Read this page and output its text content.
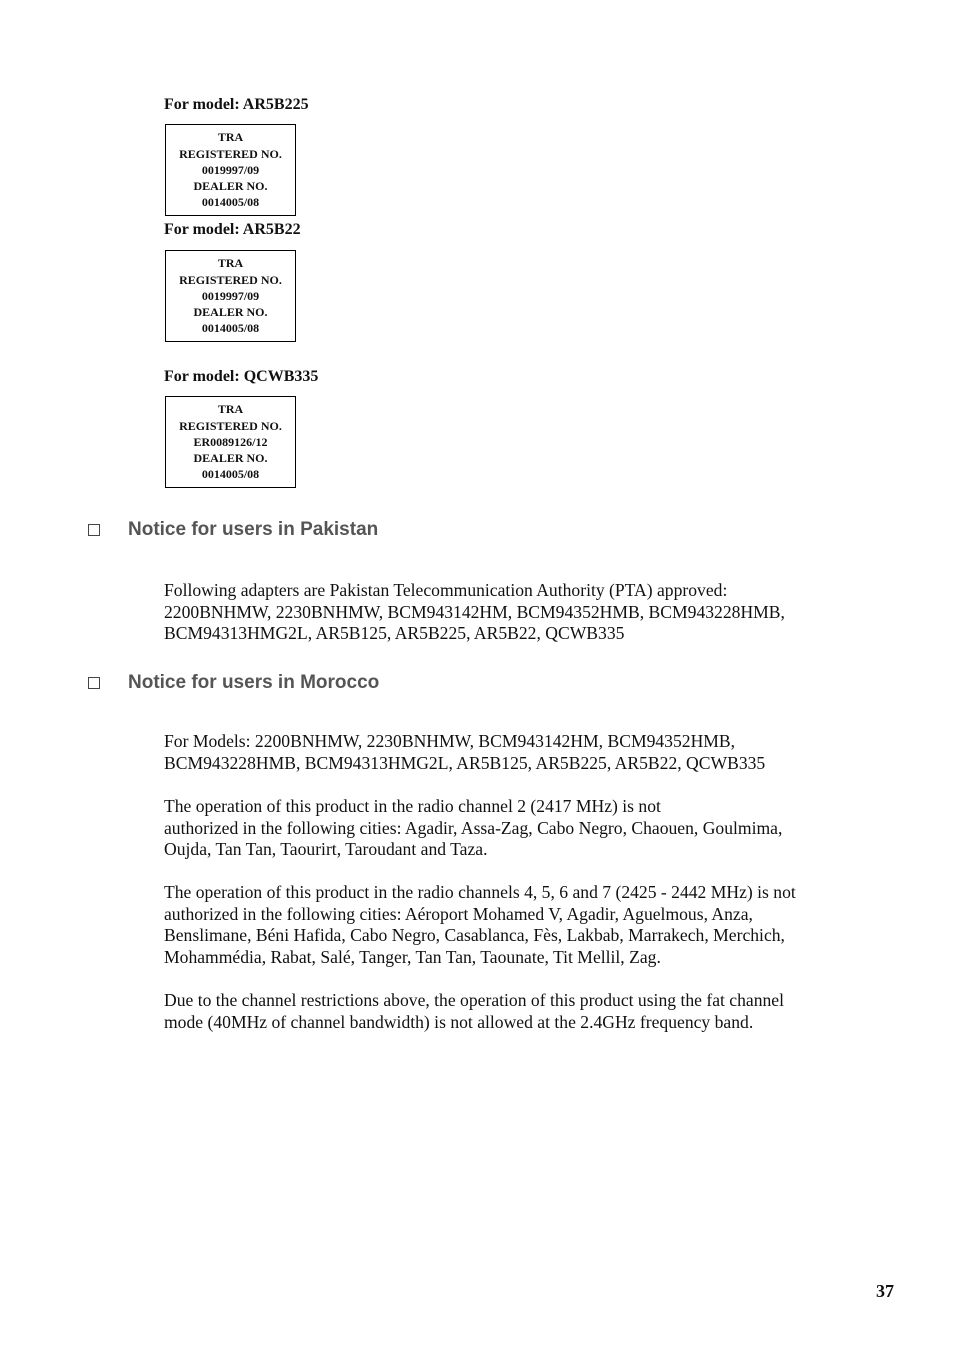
For model: AR5B225
TRA
REGISTERED NO.
0019997/09
DEALER NO.
0014005/08
For model: AR5B22
TRA
REGISTERED NO.
0019997/09
DEALER NO.
0014005/08
For model: QCWB335
TRA
REGISTERED NO.
ER0089126/12
DEALER NO.
0014005/08
Notice for users in Pakistan
Following adapters are Pakistan Telecommunication Authority (PTA) approved:
2200BNHMW, 2230BNHMW, BCM943142HM, BCM94352HMB, BCM943228HMB,
BCM94313HMG2L, AR5B125, AR5B225, AR5B22, QCWB335
Notice for users in Morocco
For Models: 2200BNHMW, 2230BNHMW, BCM943142HM, BCM94352HMB,
BCM943228HMB, BCM94313HMG2L, AR5B125, AR5B225, AR5B22, QCWB335
The operation of this product in the radio channel 2 (2417 MHz) is not
authorized in the following cities: Agadir, Assa-Zag, Cabo Negro, Chaouen, Goulmima,
Oujda, Tan Tan, Taourirt, Taroudant and Taza.
The operation of this product in the radio channels 4, 5, 6 and 7 (2425 - 2442 MHz) is not
authorized in the following cities: Aéroport Mohamed V, Agadir, Aguelmous, Anza,
Benslimane, Béni Hafida, Cabo Negro, Casablanca, Fès, Lakbab, Marrakech, Merchich,
Mohammédia, Rabat, Salé, Tanger, Tan Tan, Taounate, Tit Mellil, Zag.
Due to the channel restrictions above, the operation of this product using the fat channel
mode (40MHz of channel bandwidth) is not allowed at the 2.4GHz frequency band.
37
